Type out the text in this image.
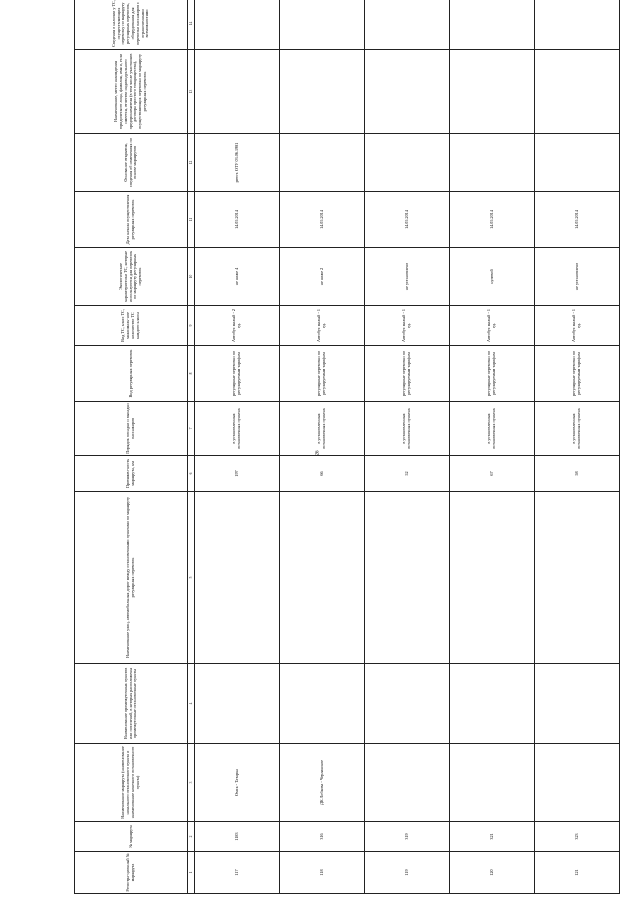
26
Регистра-ционный № маршрута	№ маршрута	Наименование маршрута (наименование начального остановочного пункта и наименование конечного остановочного пункта)	Наименование промежуточных пунктов или поселений, в которых расположены промежуточные остановочные пункты	Наименование улиц, автомобильных дорог между остановочными пунктами по маршруту регулярных перевозок	Протяжен-ность маршрута, км	Порядок посадки и высадки пассажиров	Вид регулярных перевозок	Вид ТС, класс ТС, максималь-ное количество ТС каждого класса	Экологические характеристики ТС, которые используются для перевозок по маршруту регулярных перевозок	Дата начала осуществления регулярных перевозок	Основание открытия, сведения об изменениях по основе маршрутов	Наименование, место нахождения юридического лица, фамилия, имя и, если имеется, отчество индивидуального предпринимателя (в том числе участников договора простого товарищества), осуществляющих перевозки по маршруту регулярных перевозок	Сведения о наличии у ТС, осуществляющих перевозку по маршруту регулярных перевозок, оборудования для перевозки пассажиров с ограниченными возможностями
1	2	3	4	5	6	7	8	9	10	11	12	13	14
117	1183	Омск - Татарка			197	в установленных остановочных пунктах	регулярные перевозки по регулируемым тарифам	Автобус малый - 2 ед.	не ниже 4	14.05.2014	реест. ОТУ 03.06.1981		
118	316	ДК Лобкова - Черлакское			66	в установленных остановочных пунктах	регулярные перевозки по регулируемым тарифам	Автобус малый - 1 ед.	не ниже 2	14.05.2014			
119	319				52	в установленных остановочных пунктах	регулярные перевозки по регулируемым тарифам	Автобус малый - 1 ед.	не установлено	14.05.2014			
120	321				67	в установленных остановочных пунктах	регулярные перевозки по регулируемым тарифам	Автобус малый - 1 ед.	нулевой	14.05.2014			
121	323				58	в установленных остановочных пунктах	регулярные перевозки по регулируемым тарифам	Автобус малый - 1 ед.	не установлено	14.05.2014			
